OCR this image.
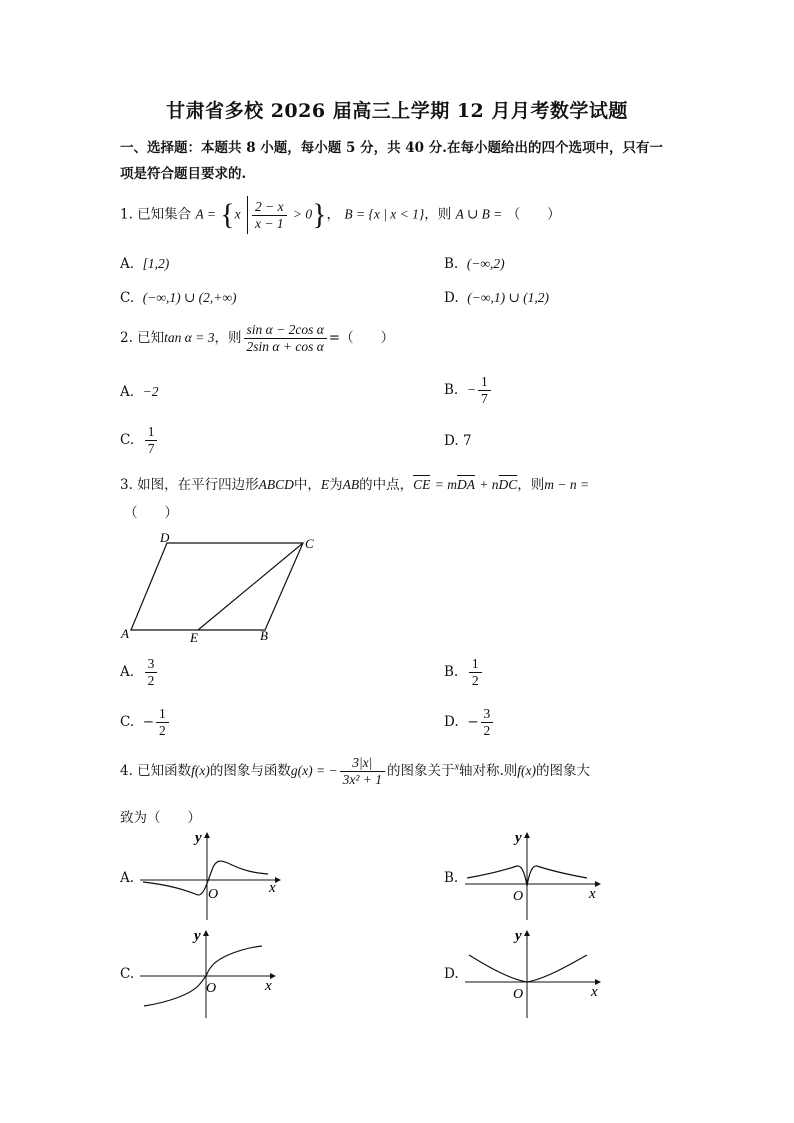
甘肃省多校 2026 届高三上学期 12 月月考数学试题
一、选择题：本题共 8 小题，每小题 5 分，共 40 分.在每小题给出的四个选项中，只有一
项是符合题目要求的.
1. 已知集合 $A = \{x \frac{2 - x}{x - 1} > 0\}$， B = {x | x < 1}，则 A ∪ B = （　　）
A. [1,2)	B. (−∞,2)
C. (−∞,1) ∪ (2,+∞)	D. (−∞,1) ∪ (1,2)
2. 已知tan α = 3，则 $\frac{\text{sin α − 2cos α}}{\text{2sin α + cos α}}$ =（　　）
A. −2	B. − $\frac{1}{7}$
C. $\frac{1}{7}$	D. 7
3. 如图，在平行四边形ABCD中，E为AB的中点，CE = mDA + nDC，则m − n =
（　　）
A
D	C
B
E
A. $\frac{3}{2}$	B. $\frac{1}{2}$
C. − $\frac{1}{2}$	D. − $\frac{3}{2}$
4. 已知函数f(x)的图象与函数g(x) = − $\frac{3|x|}{\text{3x² + 1}}$ 的图象关于$^x$轴对称.则f(x)的图象大
致为（　　）
A.
y
x
O
B.
y
x
O
C.
y
x
O
D.
y
x
O
